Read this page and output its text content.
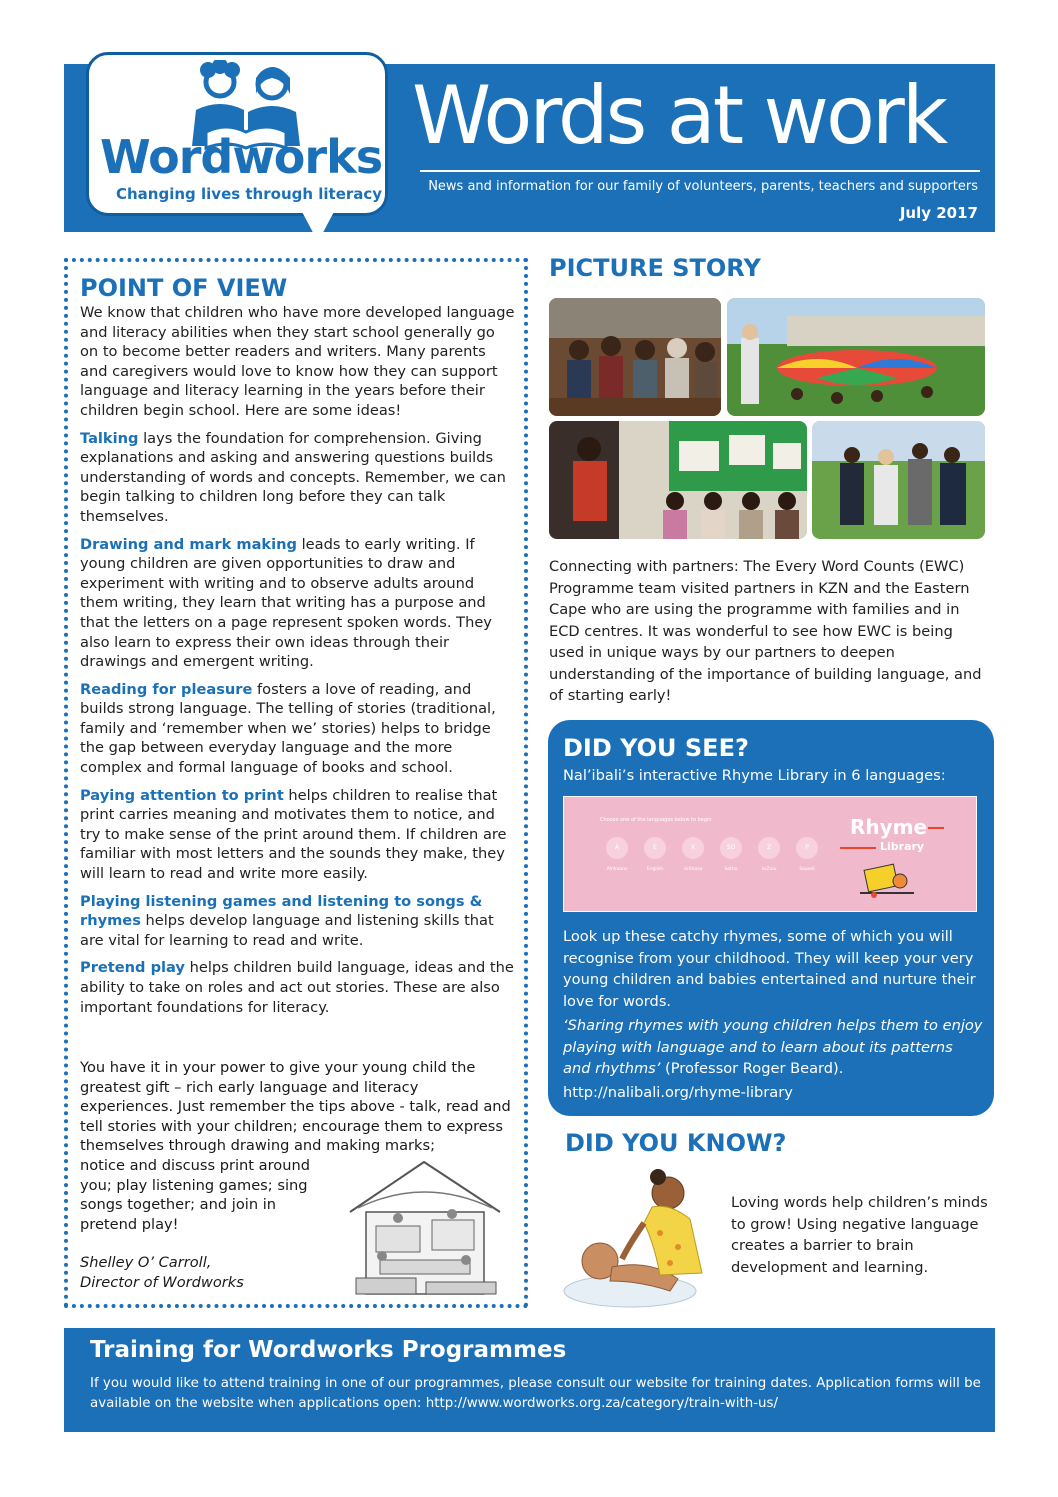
Wordworks
Changing lives through literacy
Words at work
News and information for our family of volunteers, parents, teachers and supporters
July 2017
POINT OF VIEW

We know that children who have more developed language and literacy abilities when they start school generally go on to become better readers and writers. Many parents and caregivers would love to know how they can support language and literacy learning in the years before their children begin school. Here are some ideas!

Talking lays the foundation for comprehension. Giving explanations and asking and answering questions builds understanding of words and concepts. Remember, we can begin talking to children long before they can talk themselves.

Drawing and mark making leads to early writing. If young children are given opportunities to draw and experiment with writing and to observe adults around them writing, they learn that writing has a purpose and that the letters on a page represent spoken words. They also learn to express their own ideas through their drawings and emergent writing.

Reading for pleasure fosters a love of reading, and builds strong language. The telling of stories (traditional, family and ‘remember when we’ stories) helps to bridge the gap between everyday language and the more complex and formal language of books and school.

Paying attention to print helps children to realise that print carries meaning and motivates them to notice, and try to make sense of the print around them. If children are familiar with most letters and the sounds they make, they will learn to read and write more easily.

Playing listening games and listening to songs & rhymes helps develop language and listening skills that are vital for learning to read and write.

Pretend play helps children build language, ideas and the ability to take on roles and act out stories. These are also important foundations for literacy.

You have it in your power to give your young child the greatest gift – rich early language and literacy experiences. Just remember the tips above - talk, read and tell stories with your children; encourage them to express themselves through drawing and making marks;
notice and discuss print around you; play listening games; sing songs together; and join in pretend play!
Shelley O’ Carroll,
Director of Wordworks
PICTURE STORY
Connecting with partners: The Every Word Counts (EWC) Programme team visited partners in KZN and the Eastern Cape who are using the programme with families and in ECD centres. It was wonderful to see how EWC is being used in unique ways by our partners to deepen understanding of the importance of building language, and of starting early!
DID YOU SEE?
Nal’ibali’s interactive Rhyme Library in 6 languages:
Choose one of the languages below to begin
A	E	X	SO	Z	P
Afrikaans	English	isiXhosa	Sotho	isiZulu	Sepedi
Rhyme
Library
Look up these catchy rhymes, some of which you will recognise from your childhood. They will keep your very young children and babies entertained and nurture their love for words.
‘Sharing rhymes with young children helps them to enjoy playing with language and to learn about its patterns and rhythms’ (Professor Roger Beard).
http://nalibali.org/rhyme-library
DID YOU KNOW?
Loving words help children’s minds to grow! Using negative language creates a barrier to brain development and learning.
Training for Wordworks Programmes
If you would like to attend training in one of our programmes, please consult our website for training dates. Application forms will be available on the website when applications open: http://www.wordworks.org.za/category/train-with-us/
